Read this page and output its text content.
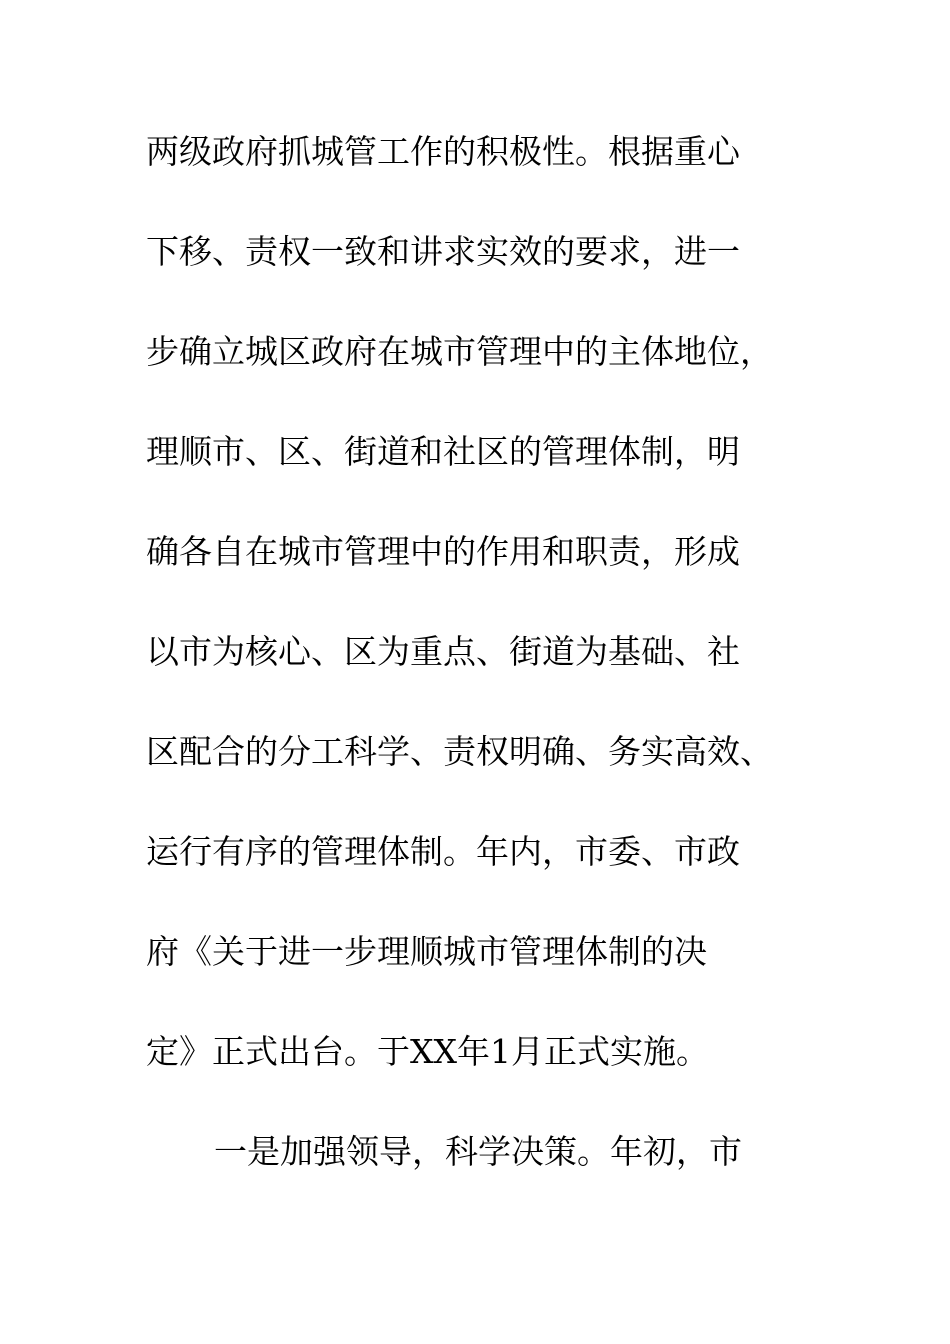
两级政府抓城管工作的积极性。根据重心
下移、责权一致和讲求实效的要求，进一
步确立城区政府在城市管理中的主体地位，
理顺市、区、街道和社区的管理体制，明
确各自在城市管理中的作用和职责，形成
以市为核心、区为重点、街道为基础、社
区配合的分工科学、责权明确、务实高效、
运行有序的管理体制。年内，市委、市政
府《关于进一步理顺城市管理体制的决
定》正式出台。于XX年1月正式实施。
一是加强领导，科学决策。年初，市
